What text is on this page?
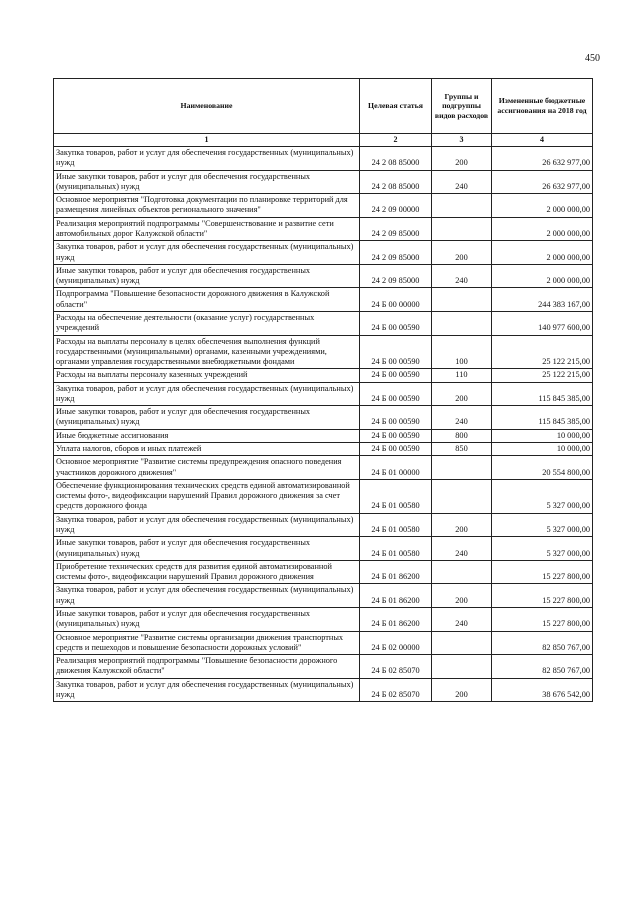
450
Наименование	Целевая статья	Группы и подгруппы видов расходов	Измененные бюджетные ассигнования на 2018 год
1	2	3	4
Закупка товаров, работ и услуг для обеспечения государственных (муниципальных) нужд	24 2 08 85000	200	26 632 977,00
Иные закупки товаров, работ и услуг для обеспечения государственных (муниципальных) нужд	24 2 08 85000	240	26 632 977,00
Основное мероприятия "Подготовка документации по планировке территорий для размещения линейных объектов регионального значения"	24 2 09 00000		2 000 000,00
Реализация мероприятий подпрограммы "Совершенствование и развитие сети автомобильных дорог Калужской области"	24 2 09 85000		2 000 000,00
Закупка товаров, работ и услуг для обеспечения государственных (муниципальных) нужд	24 2 09 85000	200	2 000 000,00
Иные закупки товаров, работ и услуг для обеспечения государственных (муниципальных) нужд	24 2 09 85000	240	2 000 000,00
Подпрограмма "Повышение безопасности дорожного движения в Калужской области"	24 Б 00 00000		244 383 167,00
Расходы на обеспечение деятельности (оказание услуг) государственных учреждений	24 Б 00 00590		140 977 600,00
Расходы на выплаты персоналу в целях обеспечения выполнения функций государственными (муниципальными) органами, казенными учреждениями, органами управления государственными внебюджетными фондами	24 Б 00 00590	100	25 122 215,00
Расходы на выплаты персоналу казенных учреждений	24 Б 00 00590	110	25 122 215,00
Закупка товаров, работ и услуг для обеспечения государственных (муниципальных) нужд	24 Б 00 00590	200	115 845 385,00
Иные закупки товаров, работ и услуг для обеспечения государственных (муниципальных) нужд	24 Б 00 00590	240	115 845 385,00
Иные бюджетные ассигнования	24 Б 00 00590	800	10 000,00
Уплата налогов, сборов и иных платежей	24 Б 00 00590	850	10 000,00
Основное мероприятие "Развитие системы предупреждения опасного поведения участников дорожного движения"	24 Б 01 00000		20 554 800,00
Обеспечение функционирования технических средств единой автоматизированной системы фото-, видеофиксации нарушений Правил дорожного движения за счет средств дорожного фонда	24 Б 01 00580		5 327 000,00
Закупка товаров, работ и услуг для обеспечения государственных (муниципальных) нужд	24 Б 01 00580	200	5 327 000,00
Иные закупки товаров, работ и услуг для обеспечения государственных (муниципальных) нужд	24 Б 01 00580	240	5 327 000,00
Приобретение технических средств для развития единой автоматизированной системы фото-, видеофиксации нарушений Правил дорожного движения	24 Б 01 86200		15 227 800,00
Закупка товаров, работ и услуг для обеспечения государственных (муниципальных) нужд	24 Б 01 86200	200	15 227 800,00
Иные закупки товаров, работ и услуг для обеспечения государственных (муниципальных) нужд	24 Б 01 86200	240	15 227 800,00
Основное мероприятие "Развитие системы организации движения транспортных средств и пешеходов и повышение безопасности дорожных условий"	24 Б 02 00000		82 850 767,00
Реализация мероприятий подпрограммы "Повышение безопасности дорожного движения Калужской области"	24 Б 02 85070		82 850 767,00
Закупка товаров, работ и услуг для обеспечения государственных (муниципальных) нужд	24 Б 02 85070	200	38 676 542,00
